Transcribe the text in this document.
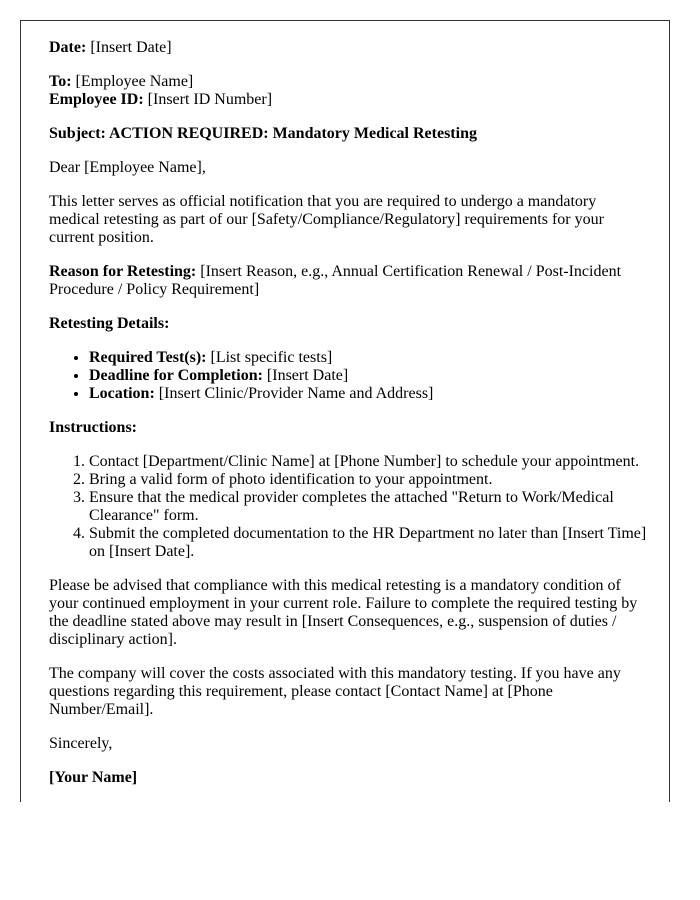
Date: [Insert Date]

To: [Employee Name]
Employee ID: [Insert ID Number]

Subject: ACTION REQUIRED: Mandatory Medical Retesting

Dear [Employee Name],

This letter serves as official notification that you are required to undergo a mandatory medical retesting as part of our [Safety/Compliance/Regulatory] requirements for your current position.

Reason for Retesting: [Insert Reason, e.g., Annual Certification Renewal / Post-Incident Procedure / Policy Requirement]

Retesting Details:

• Required Test(s): [List specific tests]
• Deadline for Completion: [Insert Date]
• Location: [Insert Clinic/Provider Name and Address]

Instructions:

1. Contact [Department/Clinic Name] at [Phone Number] to schedule your appointment.
2. Bring a valid form of photo identification to your appointment.
3. Ensure that the medical provider completes the attached "Return to Work/Medical Clearance" form.
4. Submit the completed documentation to the HR Department no later than [Insert Time] on [Insert Date].

Please be advised that compliance with this medical retesting is a mandatory condition of your continued employment in your current role. Failure to complete the required testing by the deadline stated above may result in [Insert Consequences, e.g., suspension of duties / disciplinary action].

The company will cover the costs associated with this mandatory testing. If you have any questions regarding this requirement, please contact [Contact Name] at [Phone Number/Email].

Sincerely,

[Your Name]
